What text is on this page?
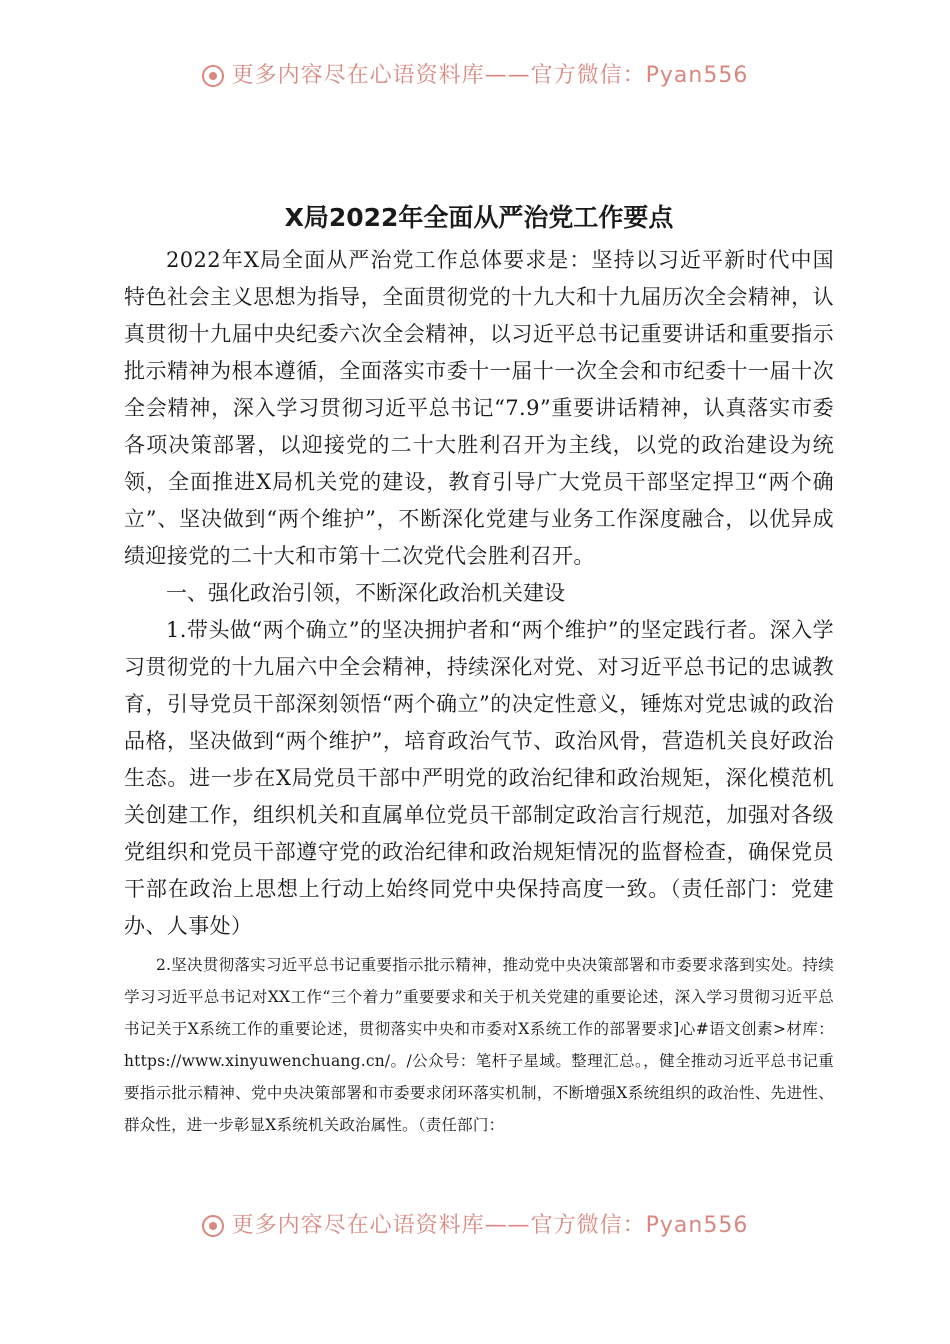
更多内容尽在心语资料库——官方微信：Pyan556
X局2022年全面从严治党工作要点

2022年X局全面从严治党工作总体要求是：坚持以习近平新时代中国特色社会主义思想为指导，全面贯彻党的十九大和十九届历次全会精神，认真贯彻十九届中央纪委六次全会精神，以习近平总书记重要讲话和重要指示批示精神为根本遵循，全面落实市委十一届十一次全会和市纪委十一届十次全会精神，深入学习贯彻习近平总书记“7.9”重要讲话精神，认真落实市委各项决策部署，以迎接党的二十大胜利召开为主线，以党的政治建设为统领，全面推进X局机关党的建设，教育引导广大党员干部坚定捍卫“两个确立”、坚决做到“两个维护”，不断深化党建与业务工作深度融合，以优异成绩迎接党的二十大和市第十二次党代会胜利召开。

一、强化政治引领，不断深化政治机关建设

1.带头做“两个确立”的坚决拥护者和“两个维护”的坚定践行者。深入学习贯彻党的十九届六中全会精神，持续深化对党、对习近平总书记的忠诚教育，引导党员干部深刻领悟“两个确立”的决定性意义，锤炼对党忠诚的政治品格，坚决做到“两个维护”，培育政治气节、政治风骨，营造机关良好政治生态。进一步在X局党员干部中严明党的政治纪律和政治规矩，深化模范机关创建工作，组织机关和直属单位党员干部制定政治言行规范，加强对各级党组织和党员干部遵守党的政治纪律和政治规矩情况的监督检查，确保党员干部在政治上思想上行动上始终同党中央保持高度一致。（责任部门：党建办、人事处）

2.坚决贯彻落实习近平总书记重要指示批示精神，推动党中央决策部署和市委要求落到实处。持续学习习近平总书记对XX工作“三个着力”重要要求和关于机关党建的重要论述，深入学习贯彻习近平总书记关于X系统工作的重要论述，贯彻落实中央和市委对X系统工作的部署要求]心#语文创素>材库：https://www.xinyuwenchuang.cn/。/公众号：笔杆子星域。整理汇总。，健全推动习近平总书记重要指示批示精神、党中央决策部署和市委要求闭环落实机制，不断增强X系统组织的政治性、先进性、群众性，进一步彰显X系统机关政治属性。（责任部门：

更多内容尽在心语资料库——官方微信：Pyan556
